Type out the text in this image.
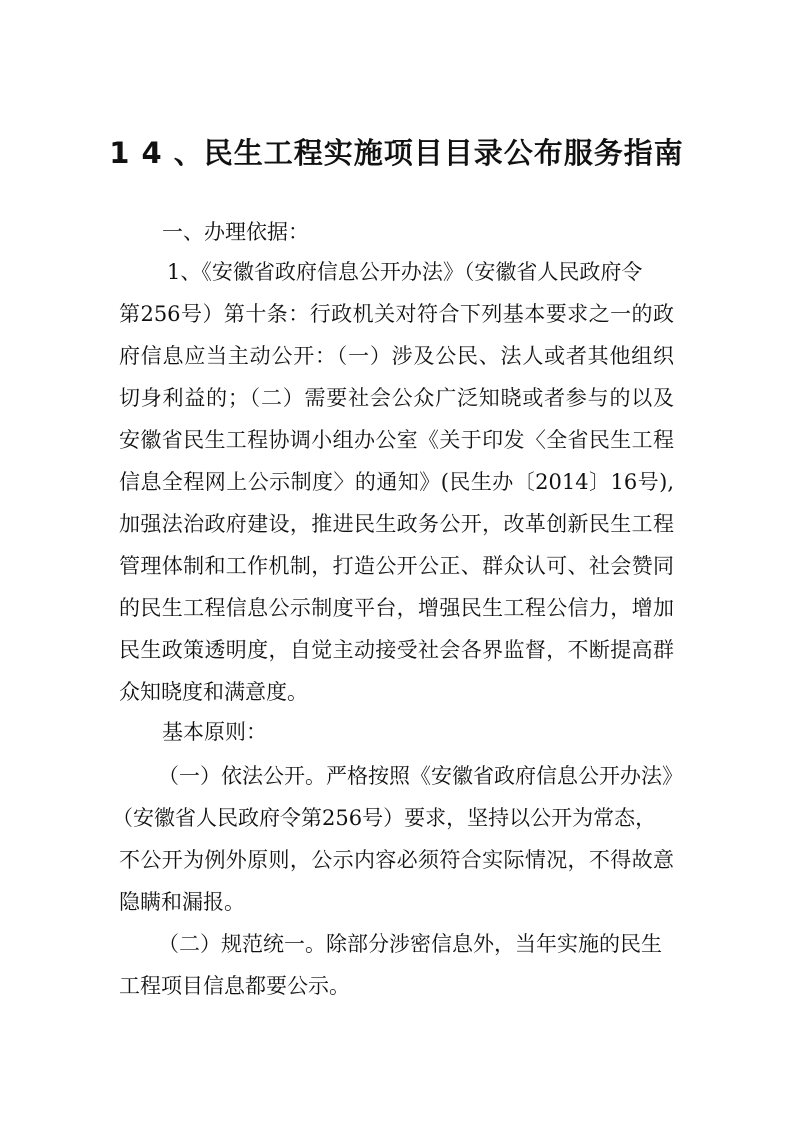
1 4 、民生工程实施项目目录公布服务指南
一、办理依据：
1、《安徽省政府信息公开办法》（安徽省人民政府令
第256号）第十条：行政机关对符合下列基本要求之一的政
府信息应当主动公开：（一）涉及公民、法人或者其他组织
切身利益的；（二）需要社会公众广泛知晓或者参与的以及
安徽省民生工程协调小组办公室《关于印发〈全省民生工程
信息全程网上公示制度〉的通知》(民生办〔2014〕16号),
加强法治政府建设，推进民生政务公开，改革创新民生工程
管理体制和工作机制，打造公开公正、群众认可、社会赞同
的民生工程信息公示制度平台，增强民生工程公信力，增加
民生政策透明度，自觉主动接受社会各界监督，不断提高群
众知晓度和满意度。
基本原则：
（一）依法公开。严格按照《安徽省政府信息公开办法》
（安徽省人民政府令第256号）要求，坚持以公开为常态，
不公开为例外原则，公示内容必须符合实际情况，不得故意
隐瞒和漏报。
（二）规范统一。除部分涉密信息外，当年实施的民生
工程项目信息都要公示。
